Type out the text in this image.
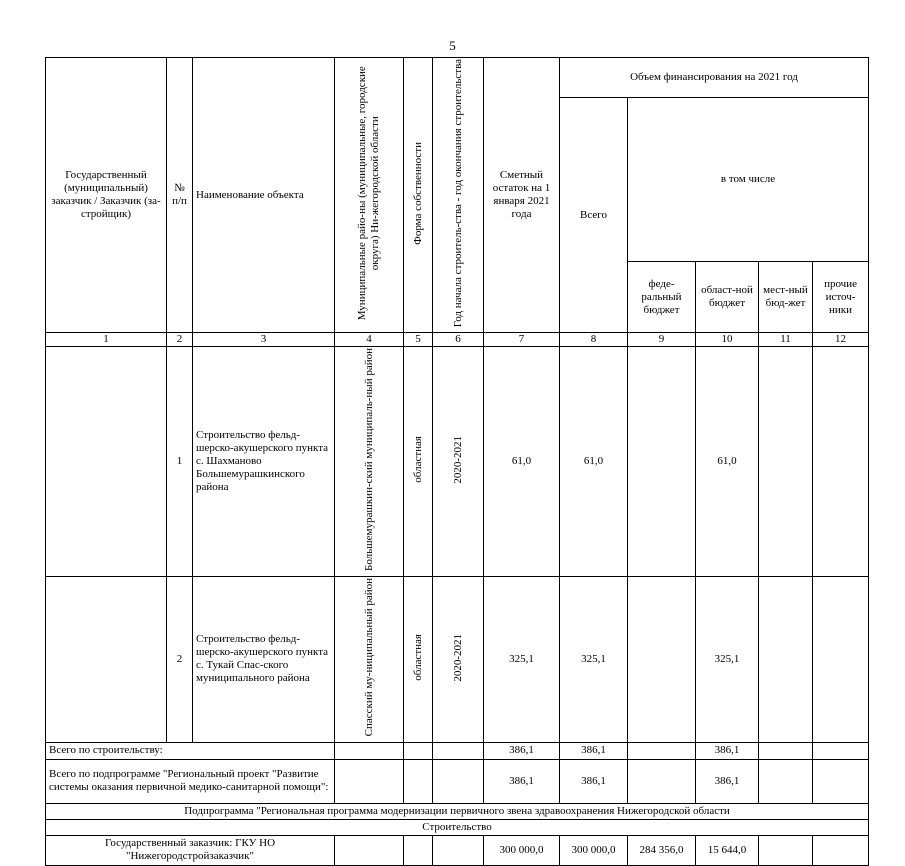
5
Государственный (муниципальный) заказчик / Заказчик (за-стройщик)	№ п/п	Наименование объекта	Муниципальные райо-ны (муниципальные, городские округа) Ни-жегородской области	Форма собственности	Год начала строитель-ства - год окончания строительства	Сметный остаток на 1 января 2021 года	Объем финансирования на 2021 год				
							Всего	в том числе			
								феде-ральный бюджет	област-ной бюджет	мест-ный бюд-жет	прочие источ-ники
1	2	3	4	5	6	7	8	9	10	11	12
	1	Строительство фельд-шерско-акушерского пункта с. Шахманово Большемурашкинского района	Большемурашкин-ский муниципаль-ный район	областная	2020-2021	61,0	61,0		61,0		
	2	Строительство фельд-шерско-акушерского пункта с. Тукай Спас-ского муниципального района	Спасский му-ниципальный район	областная	2020-2021	325,1	325,1		325,1		
Всего по строительству:						386,1	386,1		386,1		
Всего по подпрограмме "Региональный проект "Развитие системы оказания первичной медико-санитарной помощи":						386,1	386,1		386,1		
Подпрограмма "Региональная программа модернизации первичного звена здравоохранения Нижегородской области											
Строительство											
Государственный заказчик: ГКУ НО "Нижегородстройзаказчик"						300 000,0	300 000,0	284 356,0	15 644,0		
